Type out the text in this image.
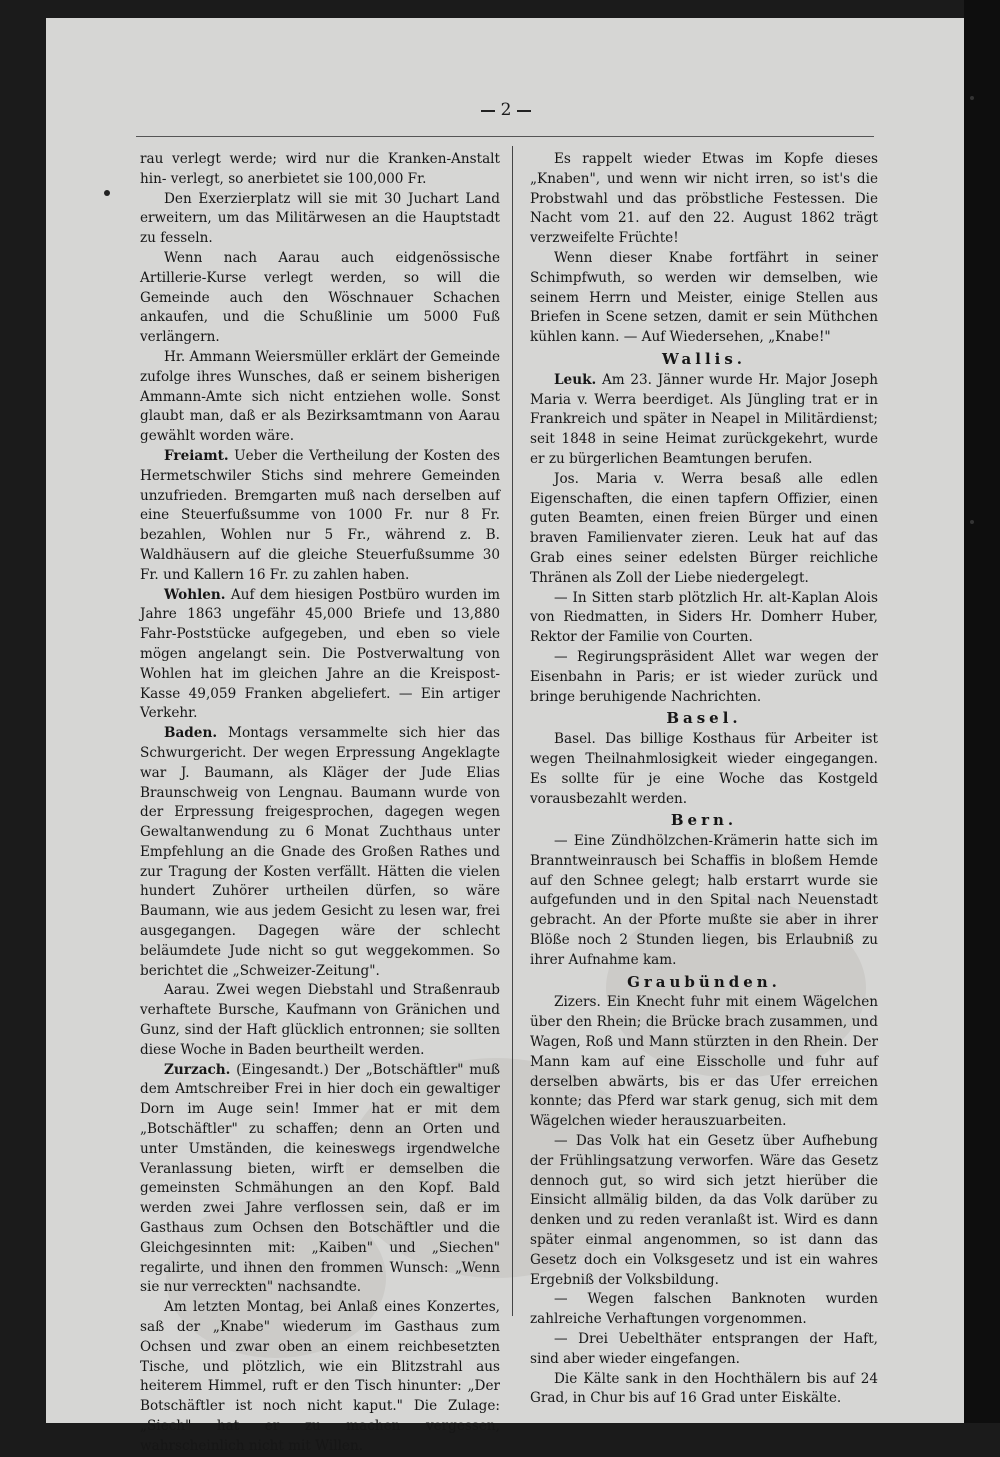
2

rau verlegt werde; wird nur die Kranken-Anstalt hin- verlegt, so anerbietet sie 100,000 Fr.

Den Exerzierplatz will sie mit 30 Juchart Land erweitern, um das Militärwesen an die Hauptstadt zu fesseln.

Wenn nach Aarau auch eidgenössische Artillerie-Kurse verlegt werden, so will die Gemeinde auch den Wöschnauer Schachen ankaufen, und die Schußlinie um 5000 Fuß verlängern.

Hr. Ammann Weiersmüller erklärt der Gemeinde zufolge ihres Wunsches, daß er seinem bisherigen Ammann-Amte sich nicht entziehen wolle. Sonst glaubt man, daß er als Bezirksamtmann von Aarau gewählt worden wäre.

Freiamt. Ueber die Vertheilung der Kosten des Hermetschwiler Stichs sind mehrere Gemeinden unzufrieden. Bremgarten muß nach derselben auf eine Steuerfußsumme von 1000 Fr. nur 8 Fr. bezahlen, Wohlen nur 5 Fr., während z. B. Waldhäusern auf die gleiche Steuerfußsumme 30 Fr. und Kallern 16 Fr. zu zahlen haben.

Wohlen. Auf dem hiesigen Postbüro wurden im Jahre 1863 ungefähr 45,000 Briefe und 13,880 Fahr-Poststücke aufgegeben, und eben so viele mögen angelangt sein. Die Postverwaltung von Wohlen hat im gleichen Jahre an die Kreispost-Kasse 49,059 Franken abgeliefert. — Ein artiger Verkehr.

Baden. Montags versammelte sich hier das Schwurgericht. Der wegen Erpressung Angeklagte war J. Baumann, als Kläger der Jude Elias Braunschweig von Lengnau. Baumann wurde von der Erpressung freigesprochen, dagegen wegen Gewaltanwendung zu 6 Monat Zuchthaus unter Empfehlung an die Gnade des Großen Rathes und zur Tragung der Kosten verfällt. Hätten die vielen hundert Zuhörer urtheilen dürfen, so wäre Baumann, wie aus jedem Gesicht zu lesen war, frei ausgegangen. Dagegen wäre der schlecht beläumdete Jude nicht so gut weggekommen. So berichtet die „Schweizer-Zeitung".

Aarau. Zwei wegen Diebstahl und Straßenraub verhaftete Bursche, Kaufmann von Gränichen und Gunz, sind der Haft glücklich entronnen; sie sollten diese Woche in Baden beurtheilt werden.

Zurzach. (Eingesandt.) Der „Botschäftler" muß dem Amtschreiber Frei in hier doch ein gewaltiger Dorn im Auge sein! Immer hat er mit dem „Botschäftler" zu schaffen; denn an Orten und unter Umständen, die keineswegs irgendwelche Veranlassung bieten, wirft er demselben die gemeinsten Schmähungen an den Kopf. Bald werden zwei Jahre verflossen sein, daß er im Gasthaus zum Ochsen den Botschäftler und die Gleichgesinnten mit: „Kaiben" und „Siechen" regalirte, und ihnen den frommen Wunsch: „Wenn sie nur verreckten" nachsandte.

Am letzten Montag, bei Anlaß eines Konzertes, saß der „Knabe" wiederum im Gasthaus zum Ochsen und zwar oben an einem reichbesetzten Tische, und plötzlich, wie ein Blitzstrahl aus heiterem Himmel, ruft er den Tisch hinunter: „Der Botschäftler ist noch nicht kaput." Die Zulage: „Siech" hat er zu machen vergessen, wahrscheinlich nicht mit Willen.

Es rappelt wieder Etwas im Kopfe dieses „Knaben", und wenn wir nicht irren, so ist's die Probstwahl und das pröbstliche Festessen. Die Nacht vom 21. auf den 22. August 1862 trägt verzweifelte Früchte!

Wenn dieser Knabe fortfährt in seiner Schimpfwuth, so werden wir demselben, wie seinem Herrn und Meister, einige Stellen aus Briefen in Scene setzen, damit er sein Müthchen kühlen kann. — Auf Wiedersehen, „Knabe!"

Wallis.

Leuk. Am 23. Jänner wurde Hr. Major Joseph Maria v. Werra beerdiget. Als Jüngling trat er in Frankreich und später in Neapel in Militärdienst; seit 1848 in seine Heimat zurückgekehrt, wurde er zu bürgerlichen Beamtungen berufen.

Jos. Maria v. Werra besaß alle edlen Eigenschaften, die einen tapfern Offizier, einen guten Beamten, einen freien Bürger und einen braven Familienvater zieren. Leuk hat auf das Grab eines seiner edelsten Bürger reichliche Thränen als Zoll der Liebe niedergelegt.

— In Sitten starb plötzlich Hr. alt-Kaplan Alois von Riedmatten, in Siders Hr. Domherr Huber, Rektor der Familie von Courten.

— Regirungspräsident Allet war wegen der Eisenbahn in Paris; er ist wieder zurück und bringe beruhigende Nachrichten.

Basel.

Basel. Das billige Kosthaus für Arbeiter ist wegen Theilnahmlosigkeit wieder eingegangen. Es sollte für je eine Woche das Kostgeld vorausbezahlt werden.

Bern.

— Eine Zündhölzchen-Krämerin hatte sich im Branntweinrausch bei Schaffis in bloßem Hemde auf den Schnee gelegt; halb erstarrt wurde sie aufgefunden und in den Spital nach Neuenstadt gebracht. An der Pforte mußte sie aber in ihrer Blöße noch 2 Stunden liegen, bis Erlaubniß zu ihrer Aufnahme kam.

Graubünden.

Zizers. Ein Knecht fuhr mit einem Wägelchen über den Rhein; die Brücke brach zusammen, und Wagen, Roß und Mann stürzten in den Rhein. Der Mann kam auf eine Eisscholle und fuhr auf derselben abwärts, bis er das Ufer erreichen konnte; das Pferd war stark genug, sich mit dem Wägelchen wieder herauszuarbeiten.

— Das Volk hat ein Gesetz über Aufhebung der Frühlingsatzung verworfen. Wäre das Gesetz dennoch gut, so wird sich jetzt hierüber die Einsicht allmälig bilden, da das Volk darüber zu denken und zu reden veranlaßt ist. Wird es dann später einmal angenommen, so ist dann das Gesetz doch ein Volksgesetz und ist ein wahres Ergebniß der Volksbildung.

— Wegen falschen Banknoten wurden zahlreiche Verhaftungen vorgenommen.

— Drei Uebelthäter entsprangen der Haft, sind aber wieder eingefangen.

Die Kälte sank in den Hochthälern bis auf 24 Grad, in Chur bis auf 16 Grad unter Eiskälte.
